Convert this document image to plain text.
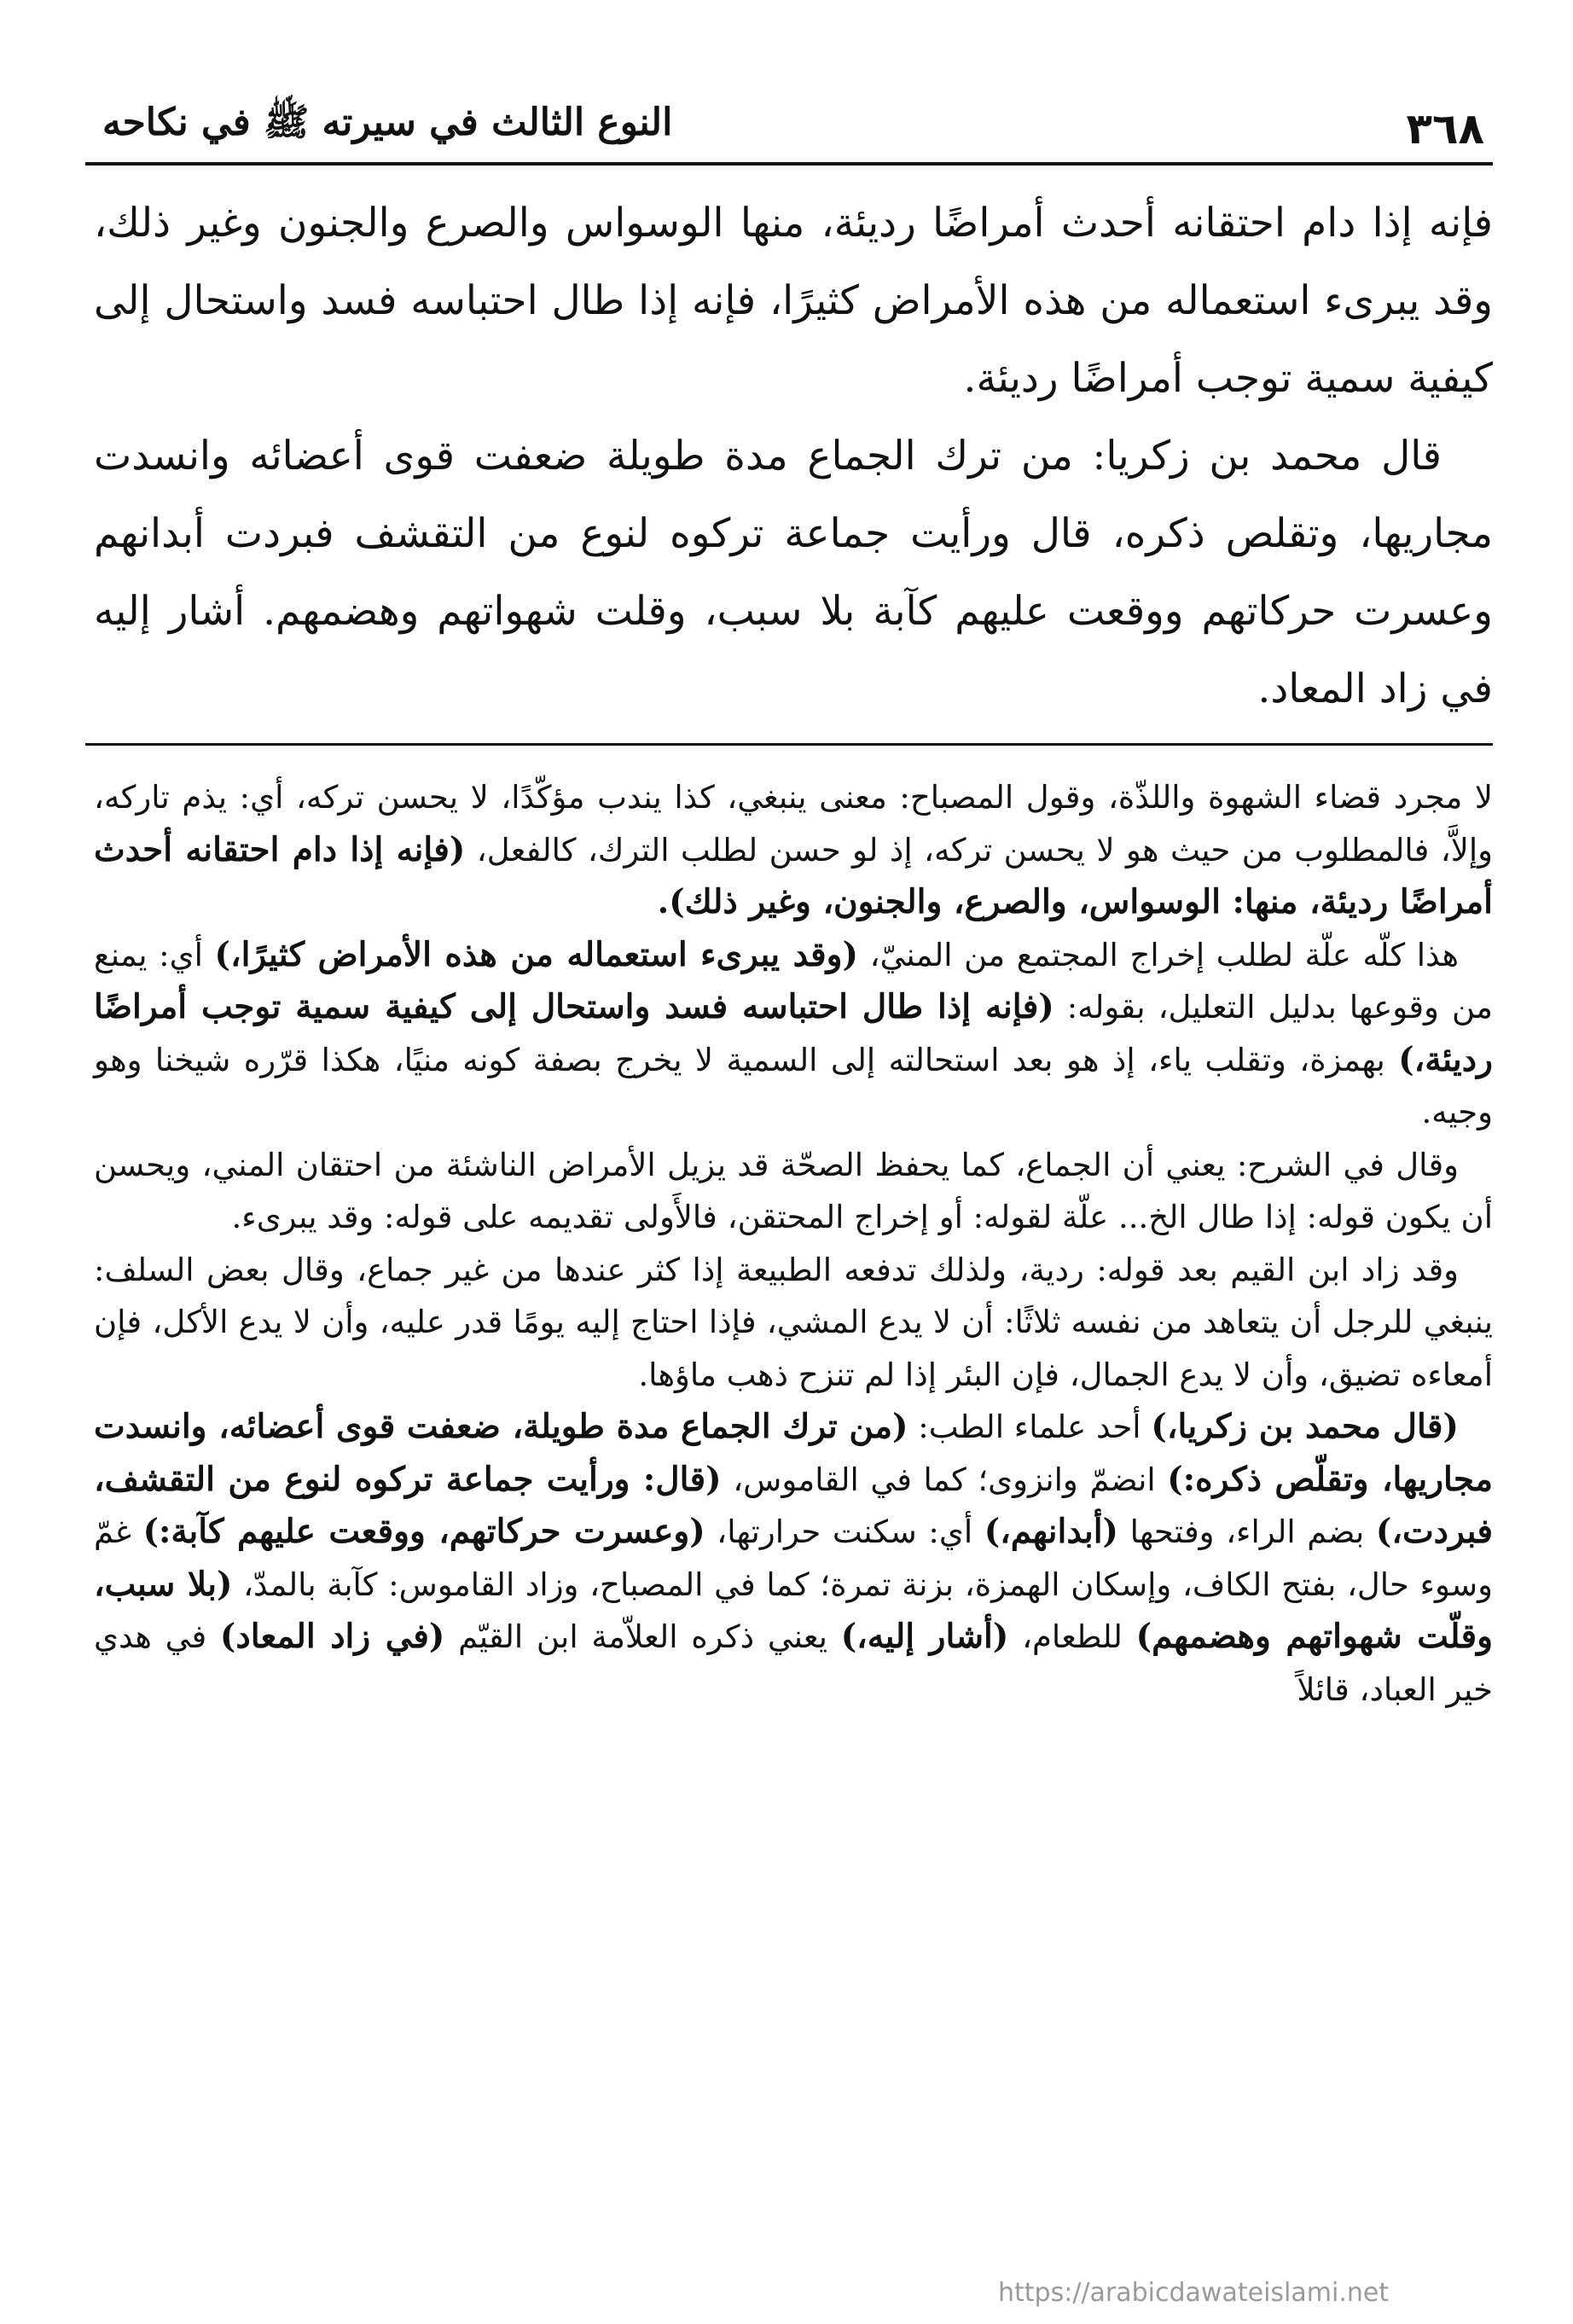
٣٦٨
النوع الثالث في سيرته ﷺ في نكاحه

فإنه إذا دام احتقانه أحدث أمراضًا رديئة، منها الوسواس والصرع والجنون وغير ذلك، وقد يبرىء استعماله من هذه الأمراض كثيرًا، فإنه إذا طال احتباسه فسد واستحال إلى كيفية سمية توجب أمراضًا رديئة.

قال محمد بن زكريا: من ترك الجماع مدة طويلة ضعفت قوى أعضائه وانسدت مجاريها، وتقلص ذكره، قال ورأيت جماعة تركوه لنوع من التقشف فبردت أبدانهم وعسرت حركاتهم ووقعت عليهم كآبة بلا سبب، وقلت شهواتهم وهضمهم. أشار إليه في زاد المعاد.

لا مجرد قضاء الشهوة واللذّة، وقول المصباح: معنى ينبغي، كذا يندب مؤكّدًا، لا يحسن تركه، أي: يذم تاركه، وإلاَّ، فالمطلوب من حيث هو لا يحسن تركه، إذ لو حسن لطلب الترك، كالفعل، (فإنه إذا دام احتقانه أحدث أمراضًا رديئة، منها: الوسواس، والصرع، والجنون، وغير ذلك).

هذا كلّه علّة لطلب إخراج المجتمع من المنيّ، (وقد يبرىء استعماله من هذه الأمراض كثيرًا،) أي: يمنع من وقوعها بدليل التعليل، بقوله: (فإنه إذا طال احتباسه فسد واستحال إلى كيفية سمية توجب أمراضًا رديئة،) بهمزة، وتقلب ياء، إذ هو بعد استحالته إلى السمية لا يخرج بصفة كونه منيًا، هكذا قرّره شيخنا وهو وجيه.

وقال في الشرح: يعني أن الجماع، كما يحفظ الصحّة قد يزيل الأمراض الناشئة من احتقان المني، ويحسن أن يكون قوله: إذا طال الخ... علّة لقوله: أو إخراج المحتقن، فالأَولى تقديمه على قوله: وقد يبرىء.

وقد زاد ابن القيم بعد قوله: ردية، ولذلك تدفعه الطبيعة إذا كثر عندها من غير جماع، وقال بعض السلف: ينبغي للرجل أن يتعاهد من نفسه ثلاثًا: أن لا يدع المشي، فإذا احتاج إليه يومًا قدر عليه، وأن لا يدع الأكل، فإن أمعاءه تضيق، وأن لا يدع الجمال، فإن البئر إذا لم تنزح ذهب ماؤها.

(قال محمد بن زكريا،) أحد علماء الطب: (من ترك الجماع مدة طويلة، ضعفت قوى أعضائه، وانسدت مجاريها، وتقلّص ذكره:) انضمّ وانزوى؛ كما في القاموس، (قال: ورأيت جماعة تركوه لنوع من التقشف، فبردت،) بضم الراء، وفتحها (أبدانهم،) أي: سكنت حرارتها، (وعسرت حركاتهم، ووقعت عليهم كآبة:) غمّ وسوء حال، بفتح الكاف، وإسكان الهمزة، بزنة تمرة؛ كما في المصباح، وزاد القاموس: كآبة بالمدّ، (بلا سبب، وقلّت شهواتهم وهضمهم) للطعام، (أشار إليه،) يعني ذكره العلاّمة ابن القيّم (في زاد المعاد) في هدي خير العباد، قائلاً

https://arabicdawateislami.net
